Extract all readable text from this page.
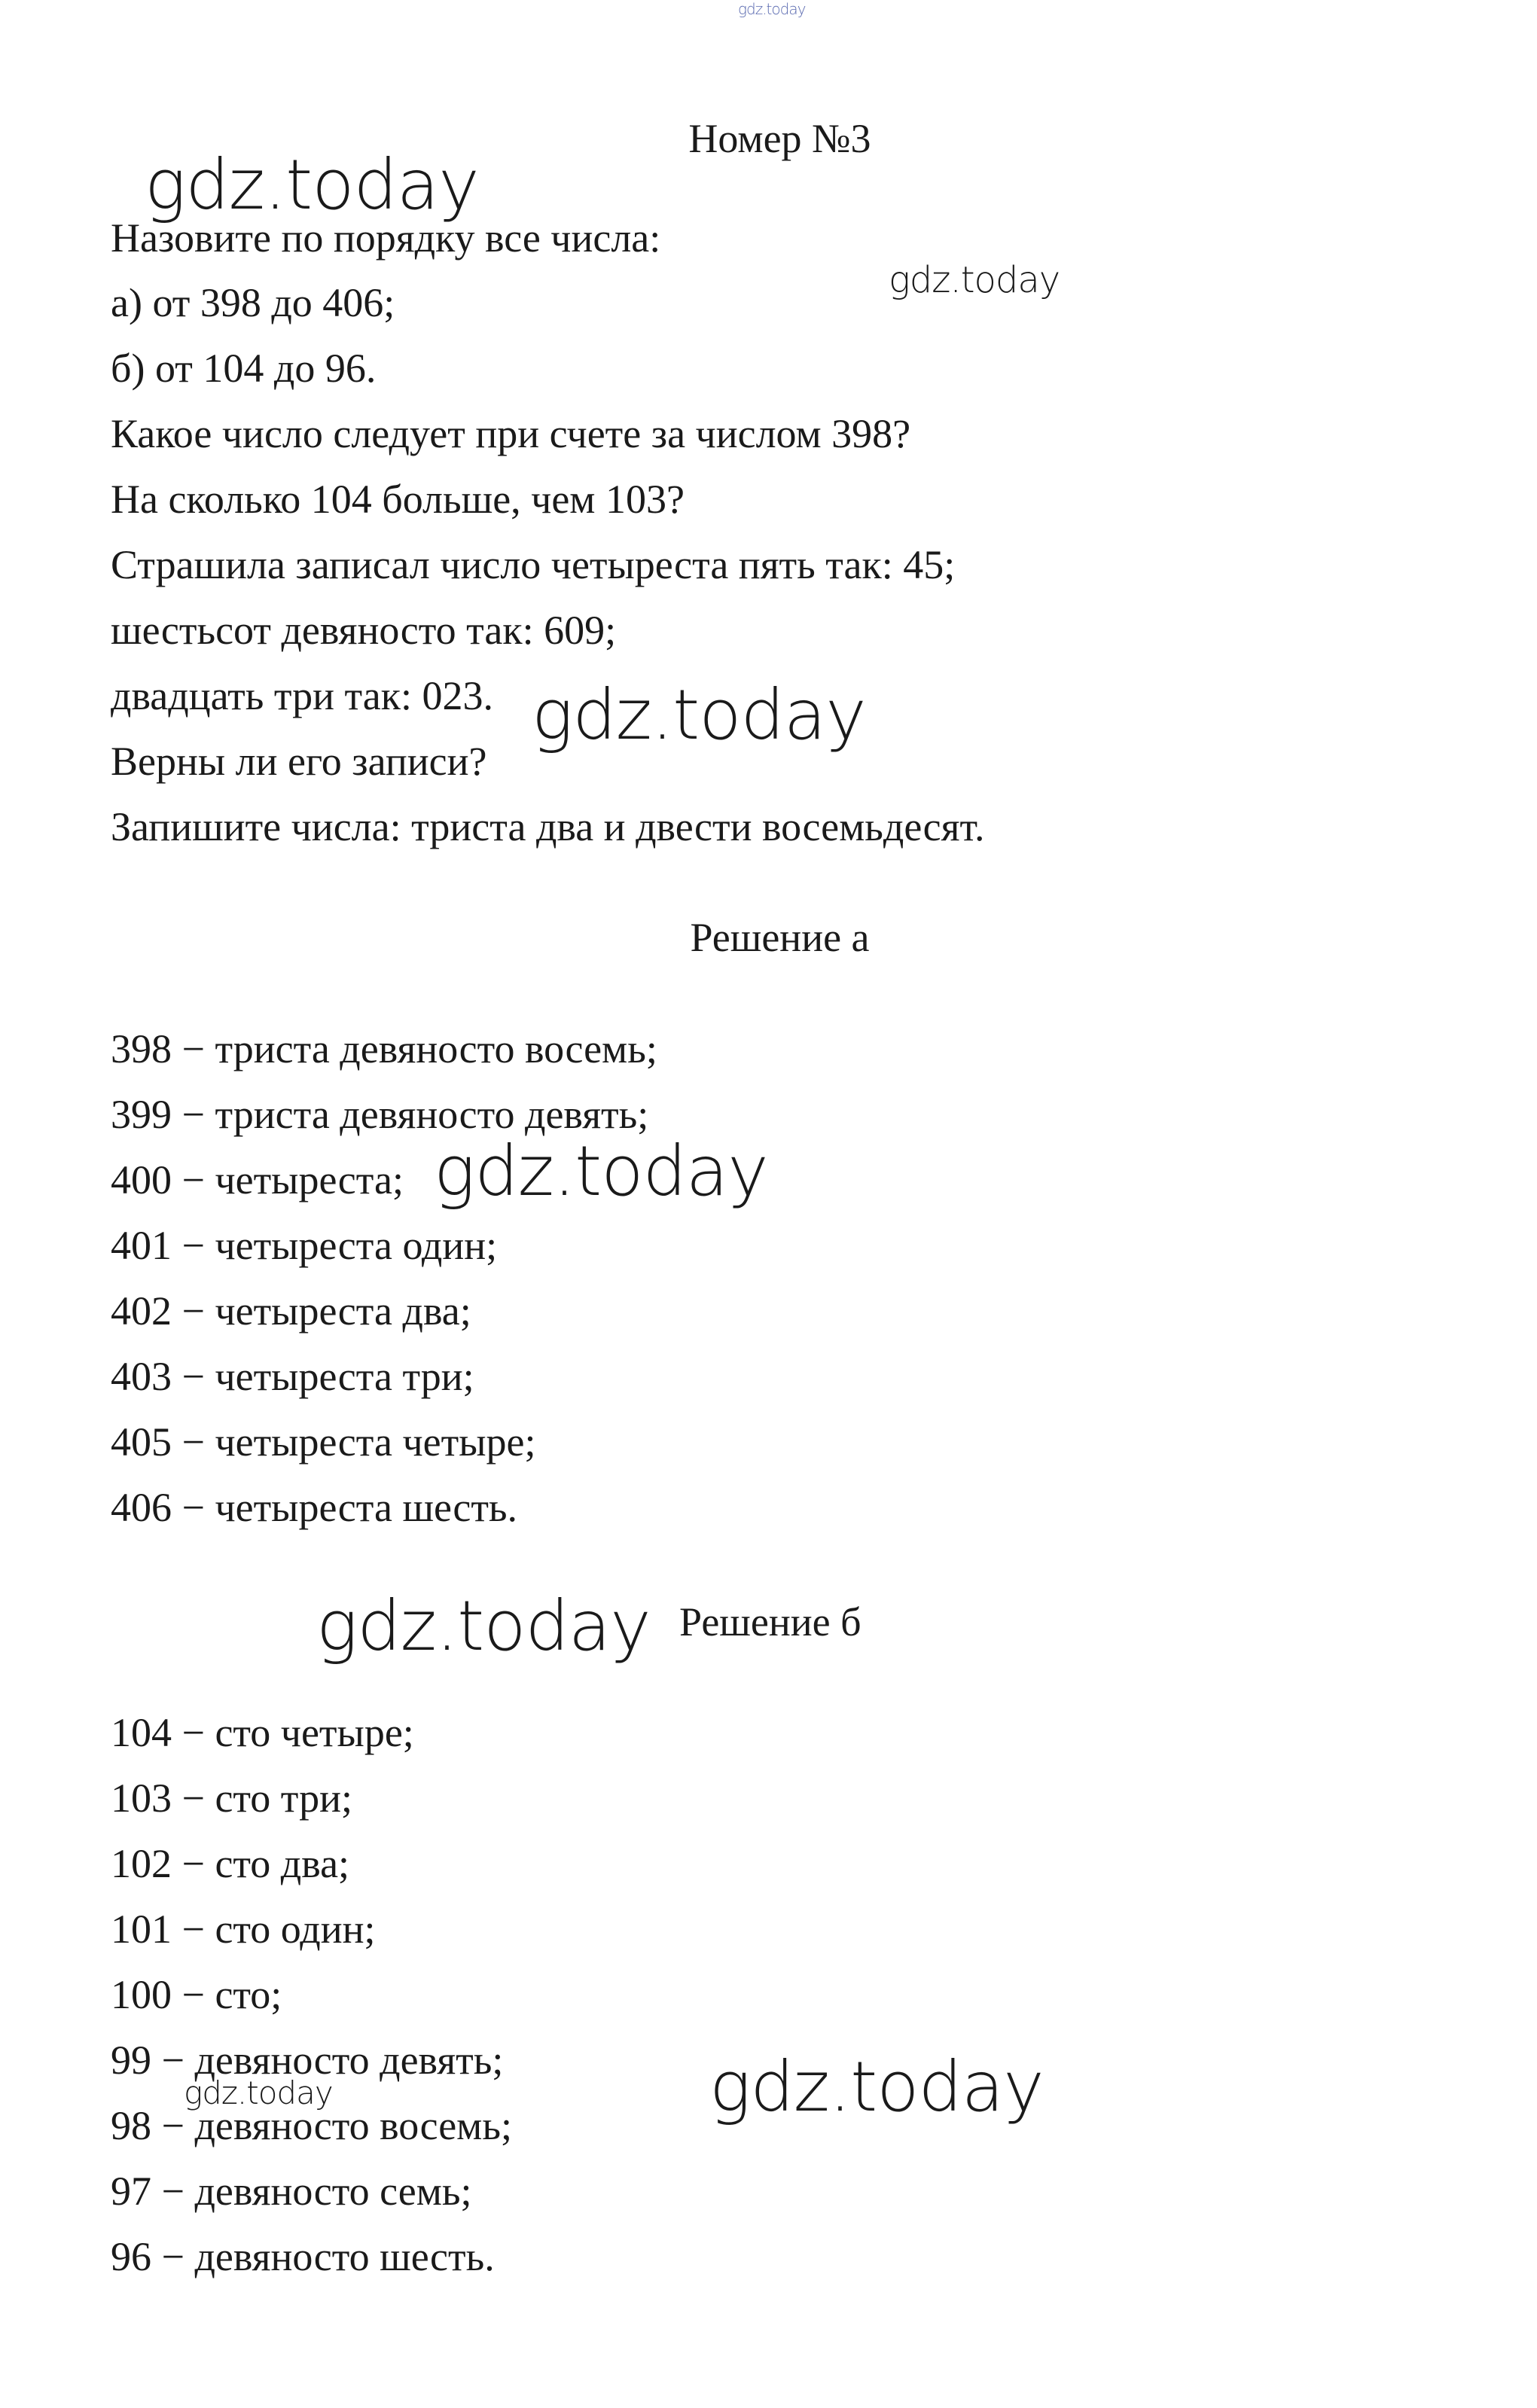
gdz.today
Номер №3
Назовите по порядку все числа:
а) от 398 до 406;
б) от 104 до 96.
Какое число следует при счете за числом 398?
На сколько 104 больше, чем 103?
Страшила записал число четыреста пять так: 45;
шестьсот девяносто так: 609;
двадцать три так: 023.
Верны ли его записи?
Запишите числа: триста два и двести восемьдесят.
Решение а
398 − триста девяносто восемь;
399 − триста девяносто девять;
400 − четыреста;
401 − четыреста один;
402 − четыреста два;
403 − четыреста три;
405 − четыреста четыре;
406 − четыреста шесть.
Решение б
104 − сто четыре;
103 − сто три;
102 − сто два;
101 − сто один;
100 − сто;
99 − девяносто девять;
98 − девяносто восемь;
97 − девяносто семь;
96 − девяносто шесть.
gdz.today
gdz.today
gdz.today
gdz.today
gdz.today
gdz.today
gdz.today
